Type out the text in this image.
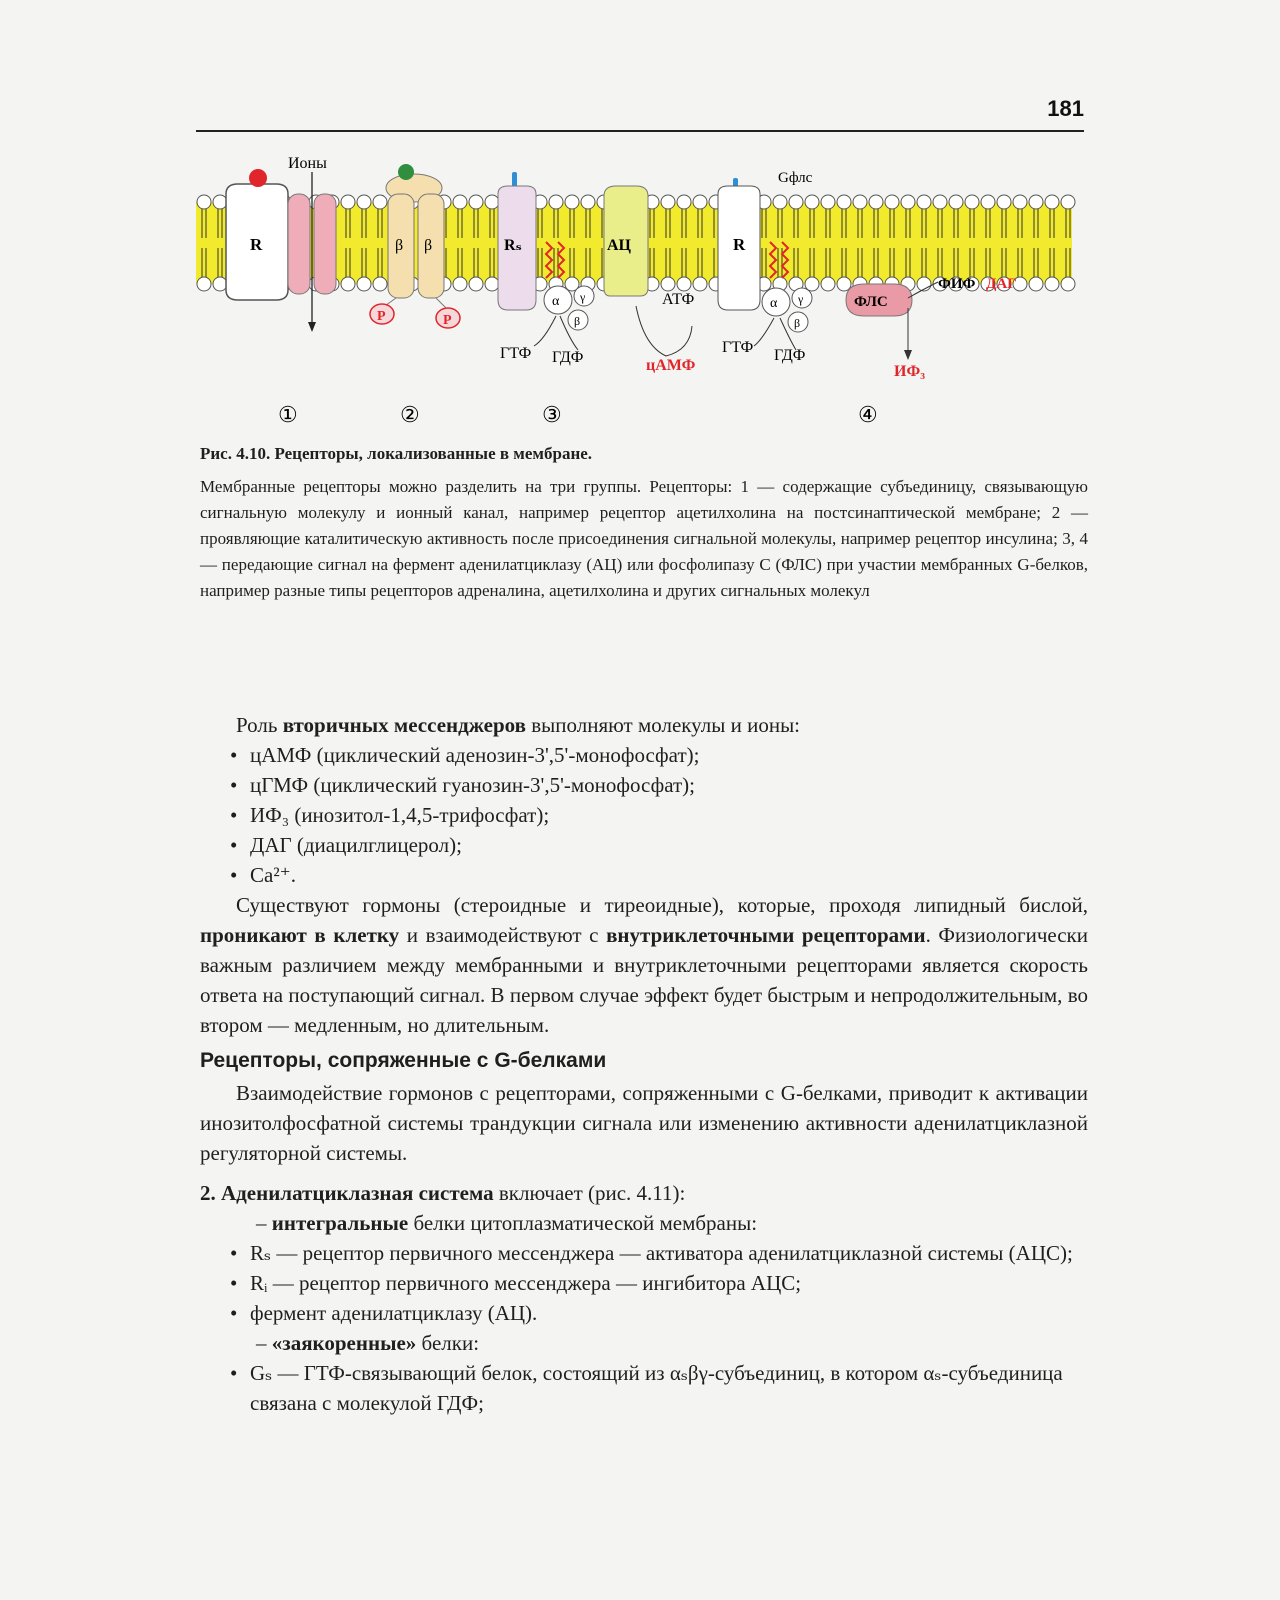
181
Ионы
R	β β	Rₛ	АЦ	R
Gфлс
P	P
α γ
β
ГТФ ГДФ
АТФ
цАМФ
α γ
β
ГТФ ГДФ
ФЛС
ФИФ ДАГ
ИФ₃
①	②	③	④

Рис. 4.10. Рецепторы, локализованные в мембране.

Мембранные рецепторы можно разделить на три группы. Рецепторы: 1 — содержащие субъединицу, связывающую сигнальную молекулу и ионный канал, например рецептор ацетилхолина на постсинаптической мембране; 2 — проявляющие каталитическую активность после присоединения сигнальной молекулы, например рецептор инсулина; 3, 4 — передающие сигнал на фермент аденилатциклазу (АЦ) или фосфолипазу С (ФЛС) при участии мембранных G-белков, например разные типы рецепторов адреналина, ацетилхолина и других сигнальных молекул

Роль вторичных мессенджеров выполняют молекулы и ионы:

• цАМФ (циклический аденозин-3',5'-монофосфат);
• цГМФ (циклический гуанозин-3',5'-монофосфат);
• ИФ₃ (инозитол-1,4,5-трифосфат);
• ДАГ (диацилглицерол);
• Ca²⁺.

Существуют гормоны (стероидные и тиреоидные), которые, проходя липидный бислой, проникают в клетку и взаимодействуют с внутриклеточными рецепторами. Физиологически важным различием между мембранными и внутриклеточными рецепторами является скорость ответа на поступающий сигнал. В первом случае эффект будет быстрым и непродолжительным, во втором — медленным, но длительным.

Рецепторы, сопряженные с G-белками

Взаимодействие гормонов с рецепторами, сопряженными с G-белками, приводит к активации инозитолфосфатной системы трандукции сигнала или изменению активности аденилатциклазной регуляторной системы.

2. Аденилатциклазная система включает (рис. 4.11):

– интегральные белки цитоплазматической мембраны:

• Rₛ — рецептор первичного мессенджера — активатора аденилатциклазной системы (АЦС);
• Rᵢ — рецептор первичного мессенджера — ингибитора АЦС;
• фермент аденилатциклазу (АЦ).

– «заякоренные» белки:

• Gₛ — ГТФ-связывающий белок, состоящий из αₛβγ-субъединиц, в котором αₛ-субъединица связана с молекулой ГДФ;
